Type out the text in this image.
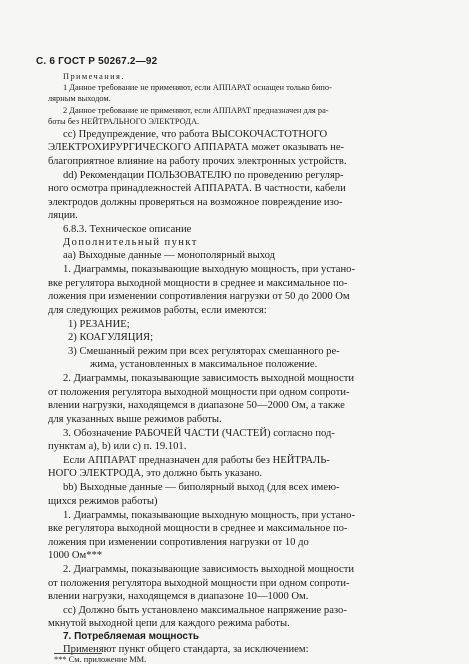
С. 6 ГОСТ Р 50267.2—92
Примечания.
1 Данное требование не применяют, если АППАРАТ оснащен только бипо-
лярным выходом.
2 Данное требование не применяют, если АППАРАТ предназначен для ра-
боты без НЕЙТРАЛЬНОГО ЭЛЕКТРОДА.
cc) Предупреждение, что работа ВЫСОКОЧАСТОТНОГО
ЭЛЕКТРОХИРУРГИЧЕСКОГО АППАРАТА может оказывать не-
благоприятное влияние на работу прочих электронных устройств.
dd) Рекомендации ПОЛЬЗОВАТЕЛЮ по проведению регуляр-
ного осмотра принадлежностей АППАРАТА. В частности, кабели
электродов должны проверяться на возможное повреждение изо-
ляции.
6.8.3. Техническое описание
Дополнительный пункт
аа) Выходные данные — монополярный выход
1. Диаграммы, показывающие выходную мощность, при устано-
вке регулятора выходной мощности в среднее и максимальное по-
ложения при изменении сопротивления нагрузки от 50 до 2000 Ом
для следующих режимов работы, если имеются:
1) РЕЗАНИЕ;
2) КОАГУЛЯЦИЯ;
3) Смешанный режим при всех регуляторах смешанного ре-
жима, установленных в максимальное положение.
2. Диаграммы, показывающие зависимость выходной мощности
от положения регулятора выходной мощности при одном сопроти-
влении нагрузки, находящемся в диапазоне 50—2000 Ом, а также
для указанных выше режимов работы.
3. Обозначение РАБОЧЕЙ ЧАСТИ (ЧАСТЕЙ) согласно под-
пунктам а), b) или с) п. 19.101.
Если АППАРАТ предназначен для работы без НЕЙТРАЛЬ-
НОГО ЭЛЕКТРОДА, это должно быть указано.
bb) Выходные данные — биполярный выход (для всех имею-
щихся режимов работы)
1. Диаграммы, показывающие выходную мощность, при устано-
вке регулятора выходной мощности в среднее и максимальное по-
ложения при изменении сопротивления нагрузки от 10 до
1000 Ом***
2. Диаграммы, показывающие зависимость выходной мощности
от положения регулятора выходной мощности при одном сопроти-
влении нагрузки, находящемся в диапазоне 10—1000 Ом.
сс) Должно быть установлено максимальное напряжение разо-
мкнутой выходной цепи для каждого режима работы.
7. Потребляемая мощность
Применяют пункт общего стандарта, за исключением:
*** См. приложение ММ.
